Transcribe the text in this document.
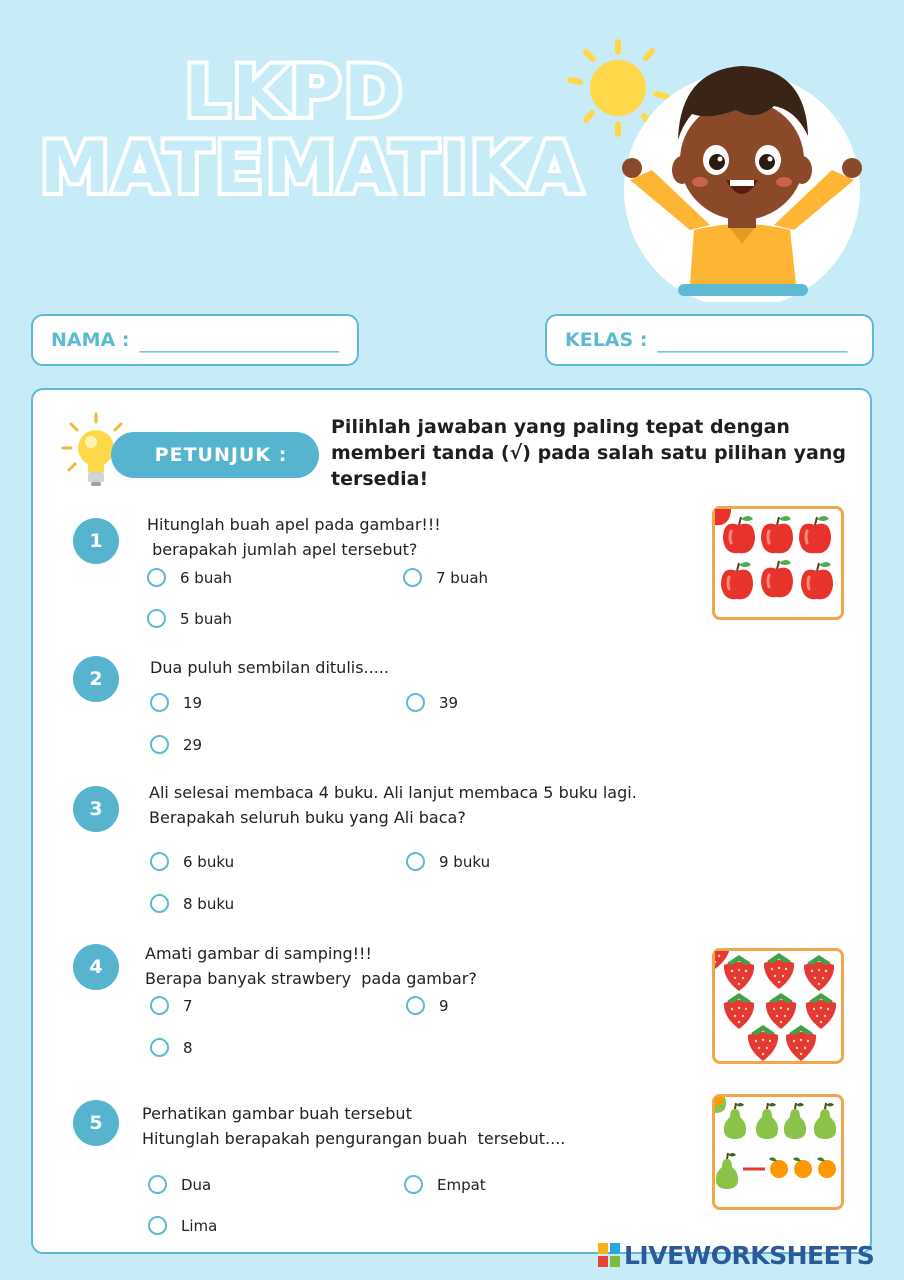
LKPD
MATEMATIKA
NAMA : _____________________	KELAS : ____________________
PETUNJUK :
Pilihlah jawaban yang paling tepat dengan memberi tanda (√) pada salah satu pilihan yang tersedia!
1
Hitunglah buah apel pada gambar!!!
berapakah jumlah apel tersebut?
6 buah	7 buah
5 buah
2
Dua puluh sembilan ditulis.....
19	39
29
3
Ali selesai membaca 4 buku. Ali lanjut membaca 5 buku lagi.
Berapakah seluruh buku yang Ali baca?
6 buku	9 buku
8 buku
4
Amati gambar di samping!!!
Berapa banyak strawbery  pada gambar?
7	9
8
5	Perhatikan gambar buah tersebut
Hitunglah berapakah pengurangan buah  tersebut....
Dua	Empat
Lima
LIVEWORKSHEETS
